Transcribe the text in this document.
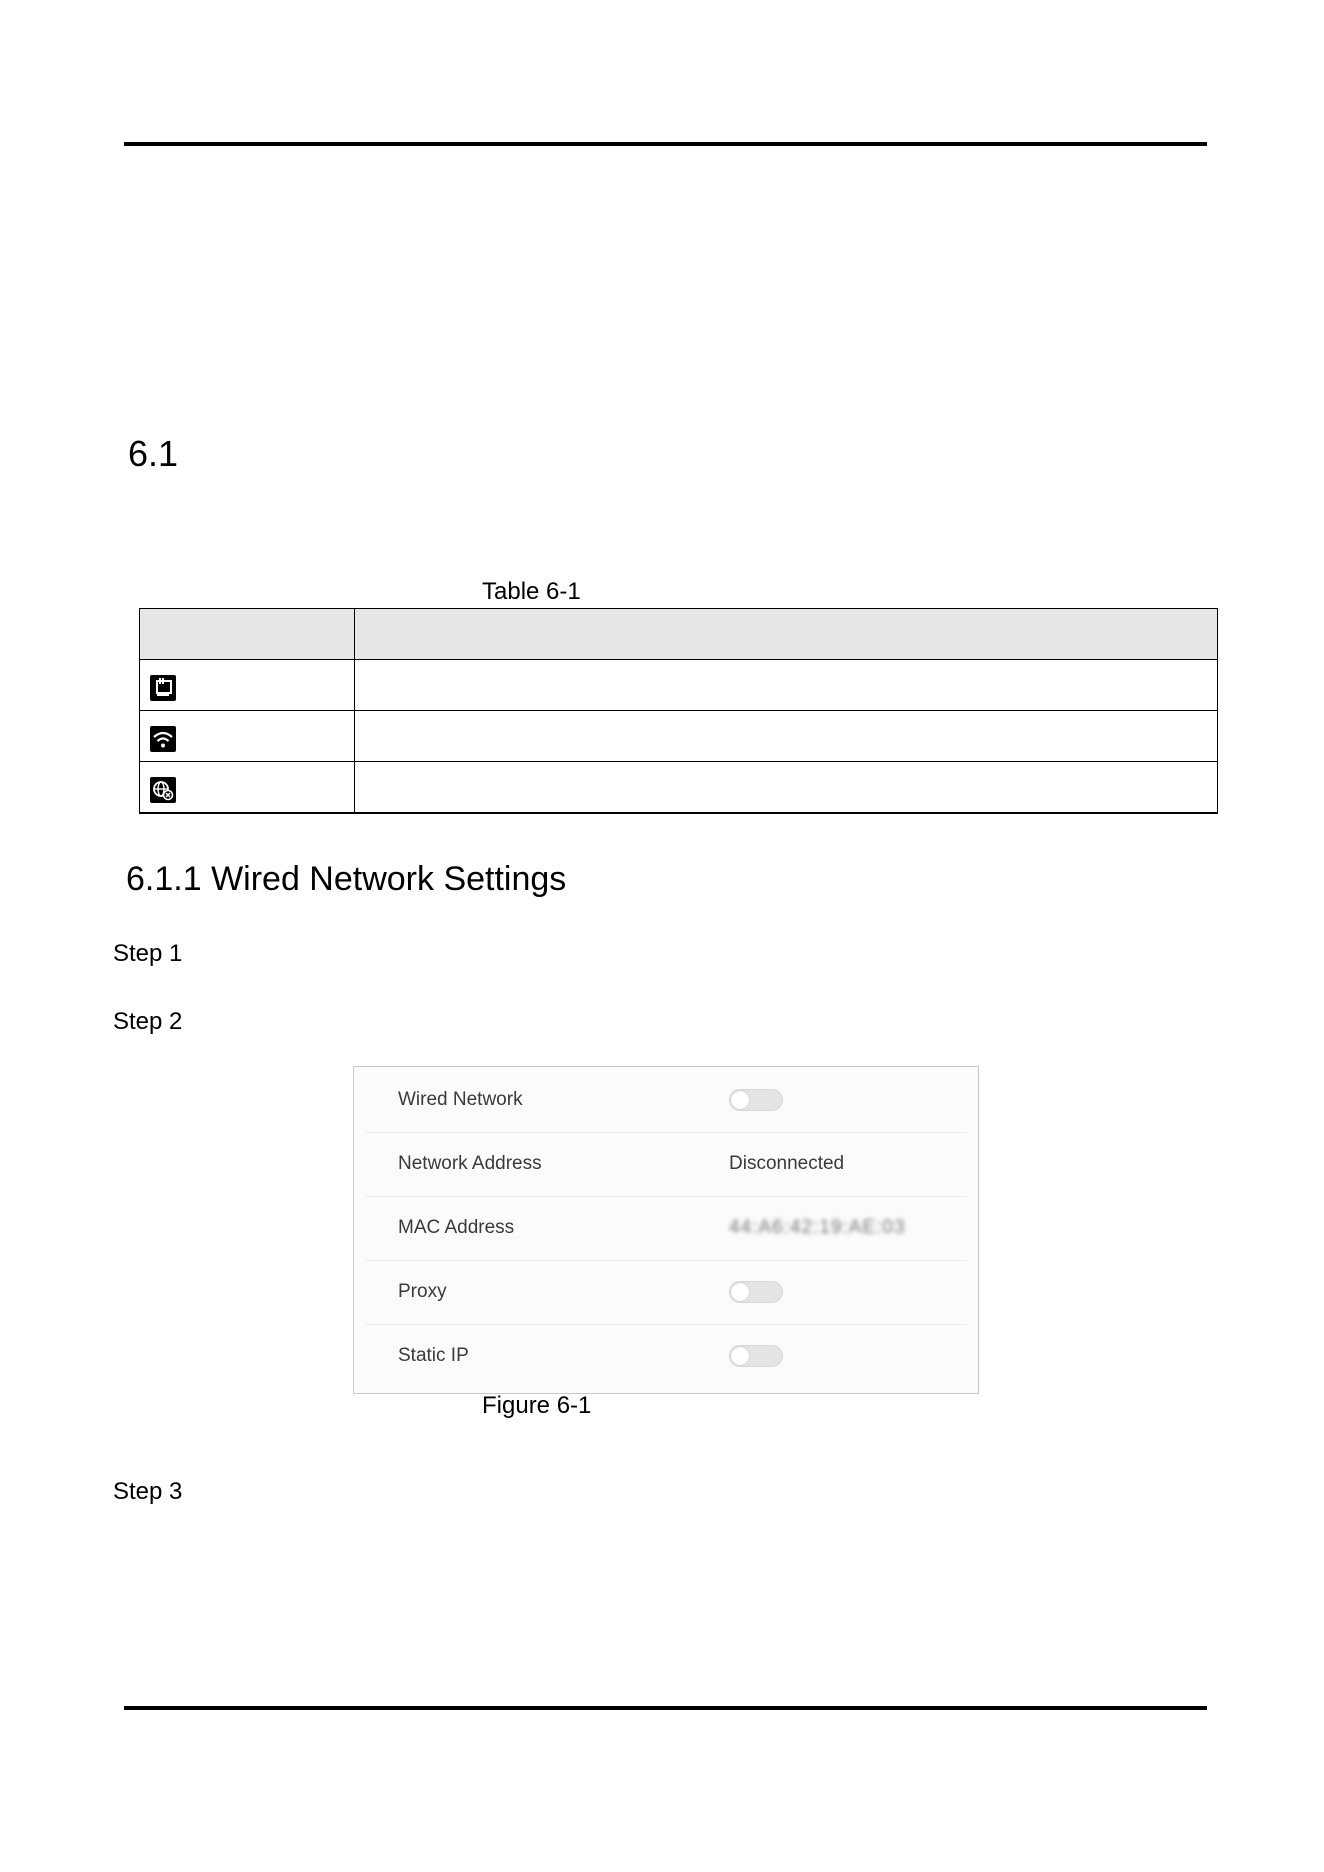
6.1
Table 6-1

6.1.1 Wired Network Settings
Step 1
Step 2
Wired Network
Network Address	Disconnected
MAC Address	44:A6:42:19:AE:03
Proxy
Static IP
Figure 6-1
Step 3
